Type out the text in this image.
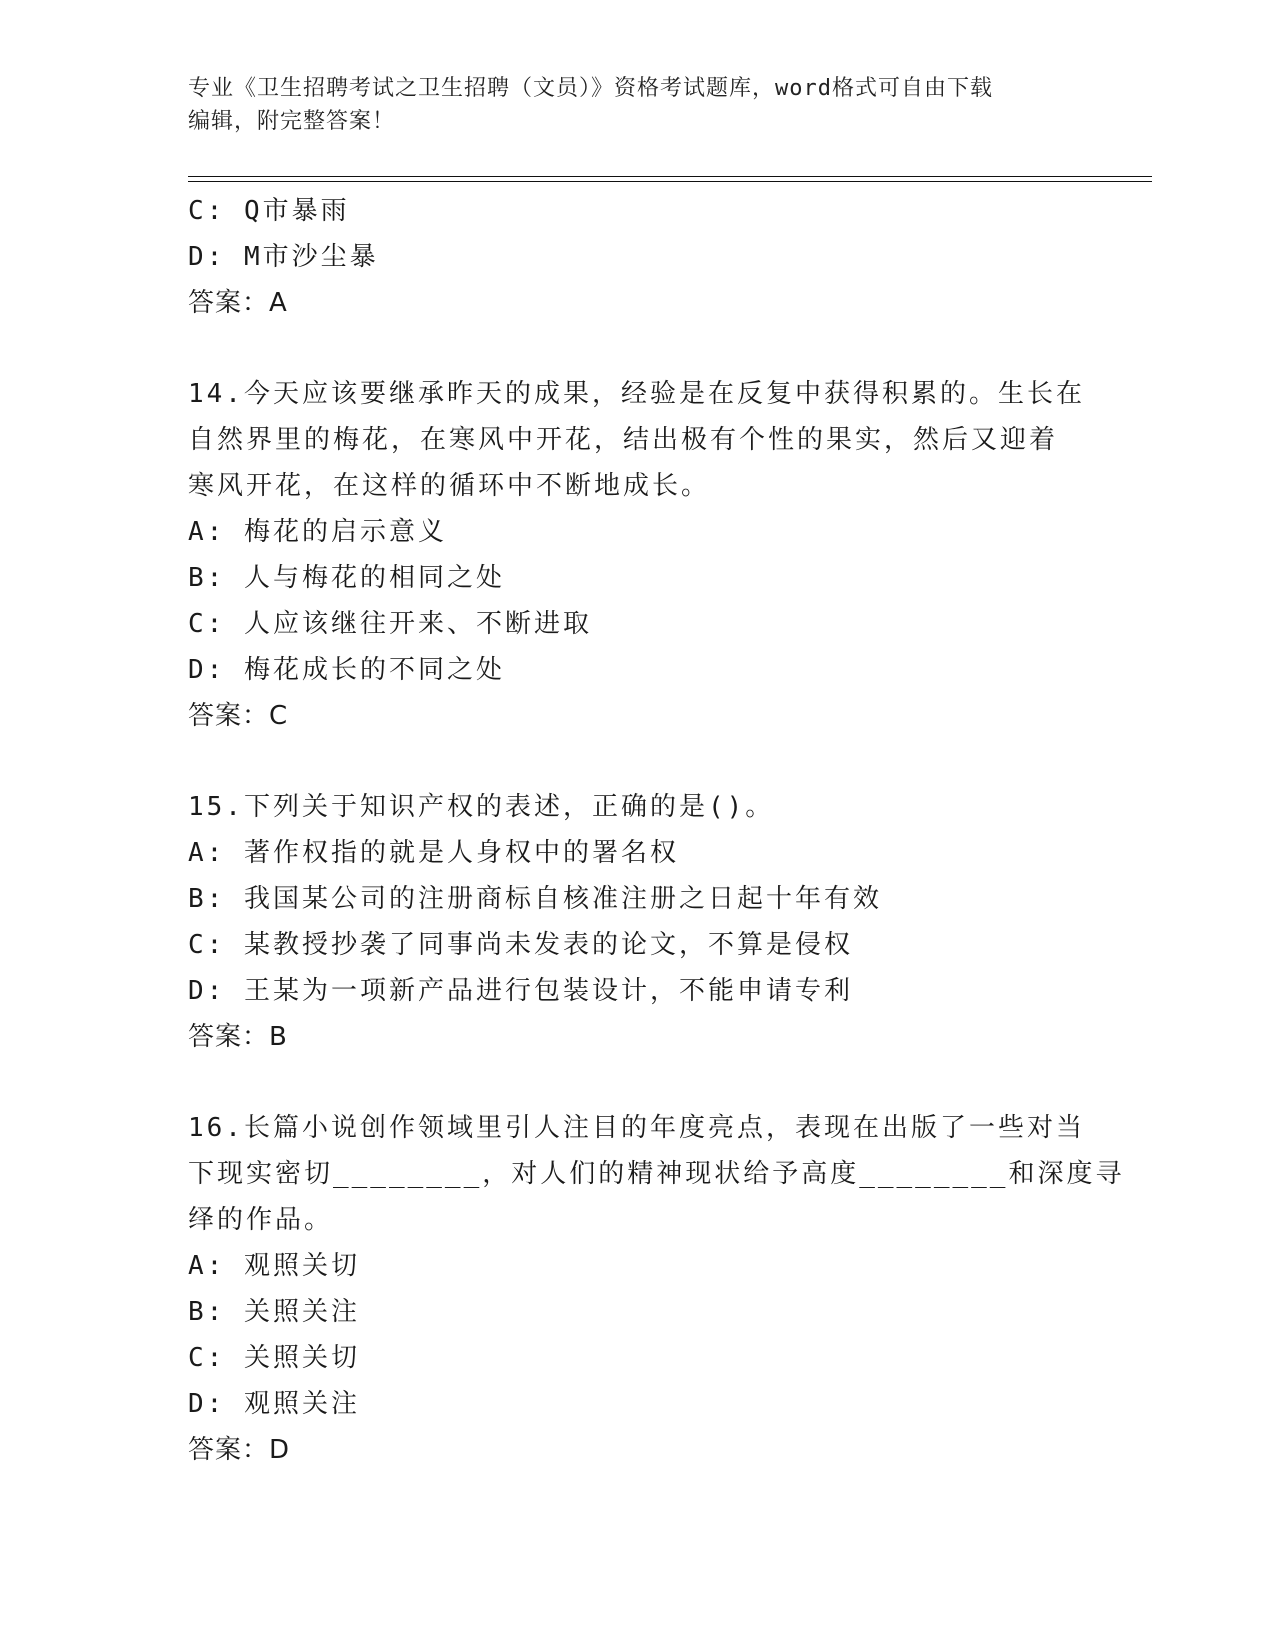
专业《卫生招聘考试之卫生招聘（文员）》资格考试题库，word格式可自由下载
编辑，附完整答案！
C: Q市暴雨
D: M市沙尘暴
答案：A
14.今天应该要继承昨天的成果，经验是在反复中获得积累的。生长在
自然界里的梅花，在寒风中开花，结出极有个性的果实，然后又迎着
寒风开花，在这样的循环中不断地成长。
A: 梅花的启示意义
B: 人与梅花的相同之处
C: 人应该继往开来、不断进取
D: 梅花成长的不同之处
答案：C
15.下列关于知识产权的表述，正确的是()。
A: 著作权指的就是人身权中的署名权
B: 我国某公司的注册商标自核准注册之日起十年有效
C: 某教授抄袭了同事尚未发表的论文，不算是侵权
D: 王某为一项新产品进行包装设计，不能申请专利
答案：B
16.长篇小说创作领域里引人注目的年度亮点，表现在出版了一些对当
下现实密切________，对人们的精神现状给予高度________和深度寻
绎的作品。
A: 观照关切
B: 关照关注
C: 关照关切
D: 观照关注
答案：D
